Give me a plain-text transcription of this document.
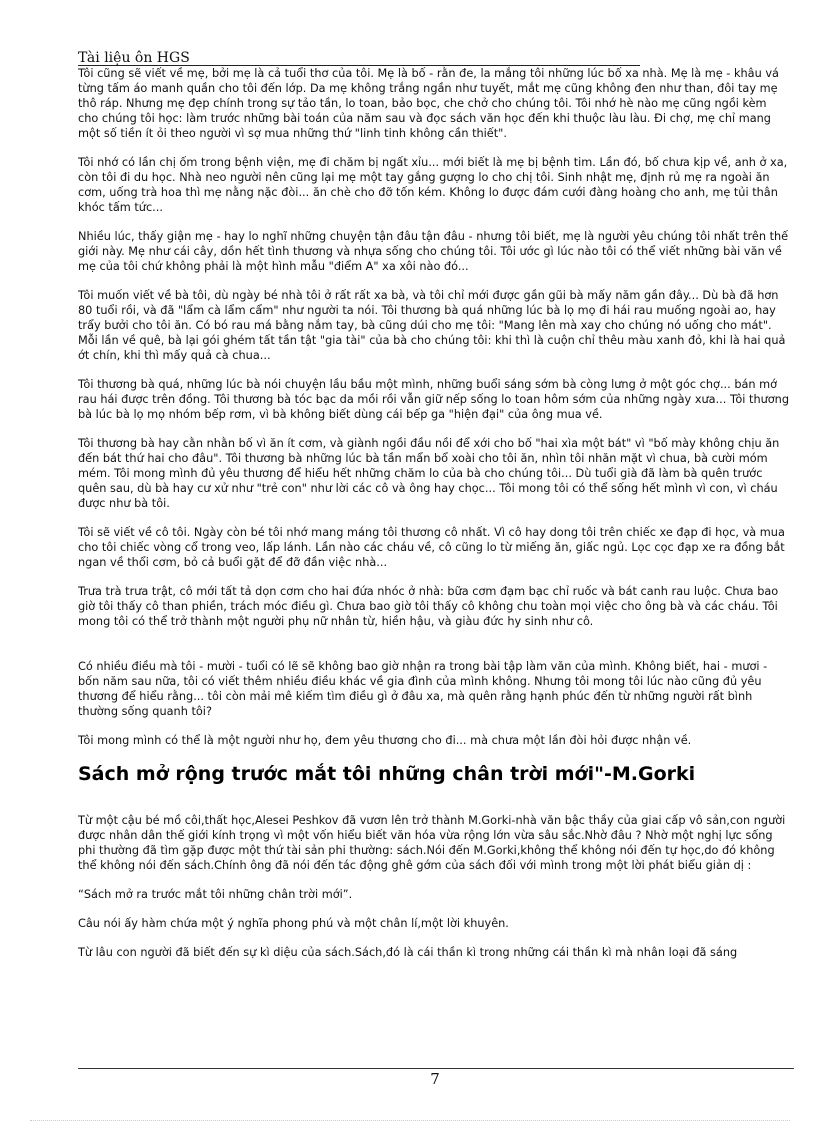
Tài liệu ôn HGS

Tôi cũng sẽ viết về mẹ, bởi mẹ là cả tuổi thơ của tôi. Mẹ là bố - rằn đe, la mắng tôi những lúc bố xa nhà. Mẹ là mẹ - khâu vá từng tấm áo manh quần cho tôi đến lớp. Da mẹ không trắng ngần như tuyết, mắt mẹ cũng không đen như than, đôi tay mẹ thô ráp. Nhưng mẹ đẹp chính trong sự tảo tần, lo toan, bảo bọc, che chở cho chúng tôi. Tôi nhớ hè nào mẹ cũng ngồi kèm cho chúng tôi học: làm trước những bài toán của năm sau và đọc sách văn học đến khi thuộc làu làu. Đi chợ, mẹ chỉ mang một số tiền ít ỏi theo người vì sợ mua những thứ "linh tinh không cần thiết".

Tôi nhớ có lần chị ốm trong bệnh viện, mẹ đi chăm bị ngất xỉu... mới biết là mẹ bị bệnh tim. Lần đó, bố chưa kịp về, anh ở xa, còn tôi đi du học. Nhà neo người nên cũng lại mẹ một tay gắng gượng lo cho chị tôi. Sinh nhật mẹ, định rủ mẹ ra ngoài ăn cơm, uống trà hoa thì mẹ nằng nặc đòi... ăn chè cho đỡ tốn kém. Không lo được đám cưới đàng hoàng cho anh, mẹ tủi thân khóc tấm tức...

Nhiều lúc, thấy giận mẹ - hay lo nghĩ những chuyện tận đâu tận đâu - nhưng tôi biết, mẹ là người yêu chúng tôi nhất trên thế giới này. Mẹ như cái cây, dồn hết tình thương và nhựa sống cho chúng tôi. Tôi ước gì lúc nào tôi có thể viết những bài văn về mẹ của tôi chứ không phải là một hình mẫu "điểm A" xa xôi nào đó...

Tôi muốn viết về bà tôi, dù ngày bé nhà tôi ở rất rất xa bà, và tôi chỉ mới được gần gũi bà mấy năm gần đây... Dù bà đã hơn 80 tuổi rồi, và đã "lẩm cà lẩm cẩm" như người ta nói. Tôi thương bà quá những lúc bà lọ mọ đi hái rau muống ngoài ao, hay trẩy bưởi cho tôi ăn. Có bó rau má bằng nắm tay, bà cũng dúi cho mẹ tôi: "Mang lên mà xay cho chúng nó uống cho mát". Mỗi lần về quê, bà lại gói ghém tất tần tật "gia tài" của bà cho chúng tôi: khi thì là cuộn chỉ thêu màu xanh đỏ, khi là hai quả ớt chín, khi thì mấy quả cà chua...

Tôi thương bà quá, những lúc bà nói chuyện lầu bầu một mình, những buổi sáng sớm bà còng lưng ở một góc chợ... bán mớ rau hái được trên đồng. Tôi thương bà tóc bạc da mồi rồi vẫn giữ nếp sống lo toan hôm sớm của những ngày xưa... Tôi thương bà lúc bà lọ mọ nhóm bếp rơm, vì bà không biết dùng cái bếp ga "hiện đại" của ông mua về.

Tôi thương bà hay cằn nhằn bố vì ăn ít cơm, và giành ngồi đầu nồi để xới cho bố "hai xìa một bát" vì "bố mày không chịu ăn đến bát thứ hai cho đâu". Tôi thương bà những lúc bà tần mẩn bổ xoài cho tôi ăn, nhìn tôi nhăn mặt vì chua, bà cười móm mém. Tôi mong mình đủ yêu thương để hiểu hết những chăm lo của bà cho chúng tôi... Dù tuổi già đã làm bà quên trước quên sau, dù bà hay cư xử như "trẻ con" như lời các cô và ông hay chọc... Tôi mong tôi có thể sống hết mình vì con, vì cháu được như bà tôi.

Tôi sẽ viết về cô tôi. Ngày còn bé tôi nhớ mang máng tôi thương cô nhất. Vì cô hay dong tôi trên chiếc xe đạp đi học, và mua cho tôi chiếc vòng cổ trong veo, lấp lánh. Lần nào các cháu về, cô cũng lo từ miếng ăn, giấc ngủ. Lọc cọc đạp xe ra đồng bắt ngan về thổi cơm, bỏ cả buổi gặt để đỡ đần việc nhà...

Trưa trà trưa trật, cô mới tất tả dọn cơm cho hai đứa nhóc ở nhà: bữa cơm đạm bạc chỉ ruốc và bát canh rau luộc. Chưa bao giờ tôi thấy cô than phiền, trách móc điều gì. Chưa bao giờ tôi thấy cô không chu toàn mọi việc cho ông bà và các cháu. Tôi mong tôi có thể trở thành một người phụ nữ nhân từ, hiền hậu, và giàu đức hy sinh như cô.

Có nhiều điều mà tôi - mười - tuổi có lẽ sẽ không bao giờ nhận ra trong bài tập làm văn của mình. Không biết, hai - mươi - bốn năm sau nữa, tôi có viết thêm nhiều điều khác về gia đình của mình không. Nhưng tôi mong tôi lúc nào cũng đủ yêu thương để hiểu rằng... tôi còn mải mê kiếm tìm điều gì ở đâu xa, mà quên rằng hạnh phúc đến từ những người rất bình thường sống quanh tôi?

Tôi mong mình có thể là một người như họ, đem yêu thương cho đi... mà chưa một lần đòi hỏi được nhận về.

Sách mở rộng trước mắt tôi những chân trời mới"-M.Gorki

Từ một cậu bé mồ côi,thất học,Alesei Peshkov đã vươn lên trở thành M.Gorki-nhà văn bậc thầy của giai cấp vô sản,con người được nhân dân thế giới kính trọng vì một vốn hiểu biết văn hóa vừa rộng lớn vừa sâu sắc.Nhờ đâu ? Nhờ một nghị lực sống phi thường đã tìm gặp được một thứ tài sản phi thường: sách.Nói đến M.Gorki,không thể không nói đến tự học,do đó không thể không nói đến sách.Chính ông đã nói đến tác động ghê gớm của sách đối với mình trong một lời phát biểu giản dị :

“Sách mở ra trước mắt tôi những chân trời mới”.

Câu nói ấy hàm chứa một ý nghĩa phong phú và một chân lí,một lời khuyên.

Từ lâu con người đã biết đến sự kì diệu của sách.Sách,đó là cái thần kì trong những cái thần kì mà nhân loại đã sáng

7
